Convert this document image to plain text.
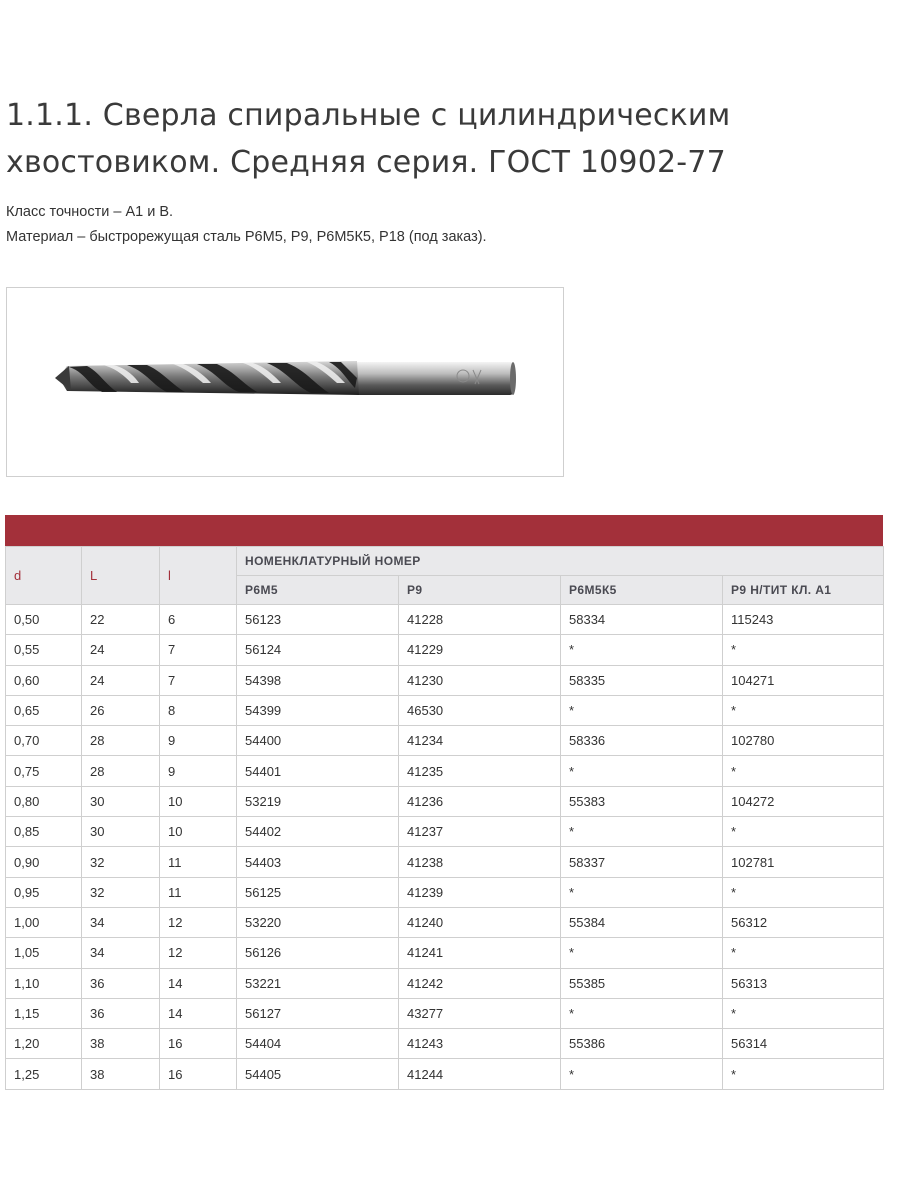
1.1.1. Сверла спиральные с цилиндрическим хвостовиком. Средняя серия. ГОСТ 10902-77
Класс точности – А1 и В.
Материал – быстрорежущая сталь Р6М5, Р9, Р6М5К5, Р18 (под заказ).
d	L	l	НОМЕНКЛАТУРНЫЙ НОМЕР			
			Р6М5	Р9	Р6М5К5	Р9 Н/ТИТ КЛ. А1
0,50	22	6	56123	41228	58334	115243
0,55	24	7	56124	41229	*	*
0,60	24	7	54398	41230	58335	104271
0,65	26	8	54399	46530	*	*
0,70	28	9	54400	41234	58336	102780
0,75	28	9	54401	41235	*	*
0,80	30	10	53219	41236	55383	104272
0,85	30	10	54402	41237	*	*
0,90	32	11	54403	41238	58337	102781
0,95	32	11	56125	41239	*	*
1,00	34	12	53220	41240	55384	56312
1,05	34	12	56126	41241	*	*
1,10	36	14	53221	41242	55385	56313
1,15	36	14	56127	43277	*	*
1,20	38	16	54404	41243	55386	56314
1,25	38	16	54405	41244	*	*
